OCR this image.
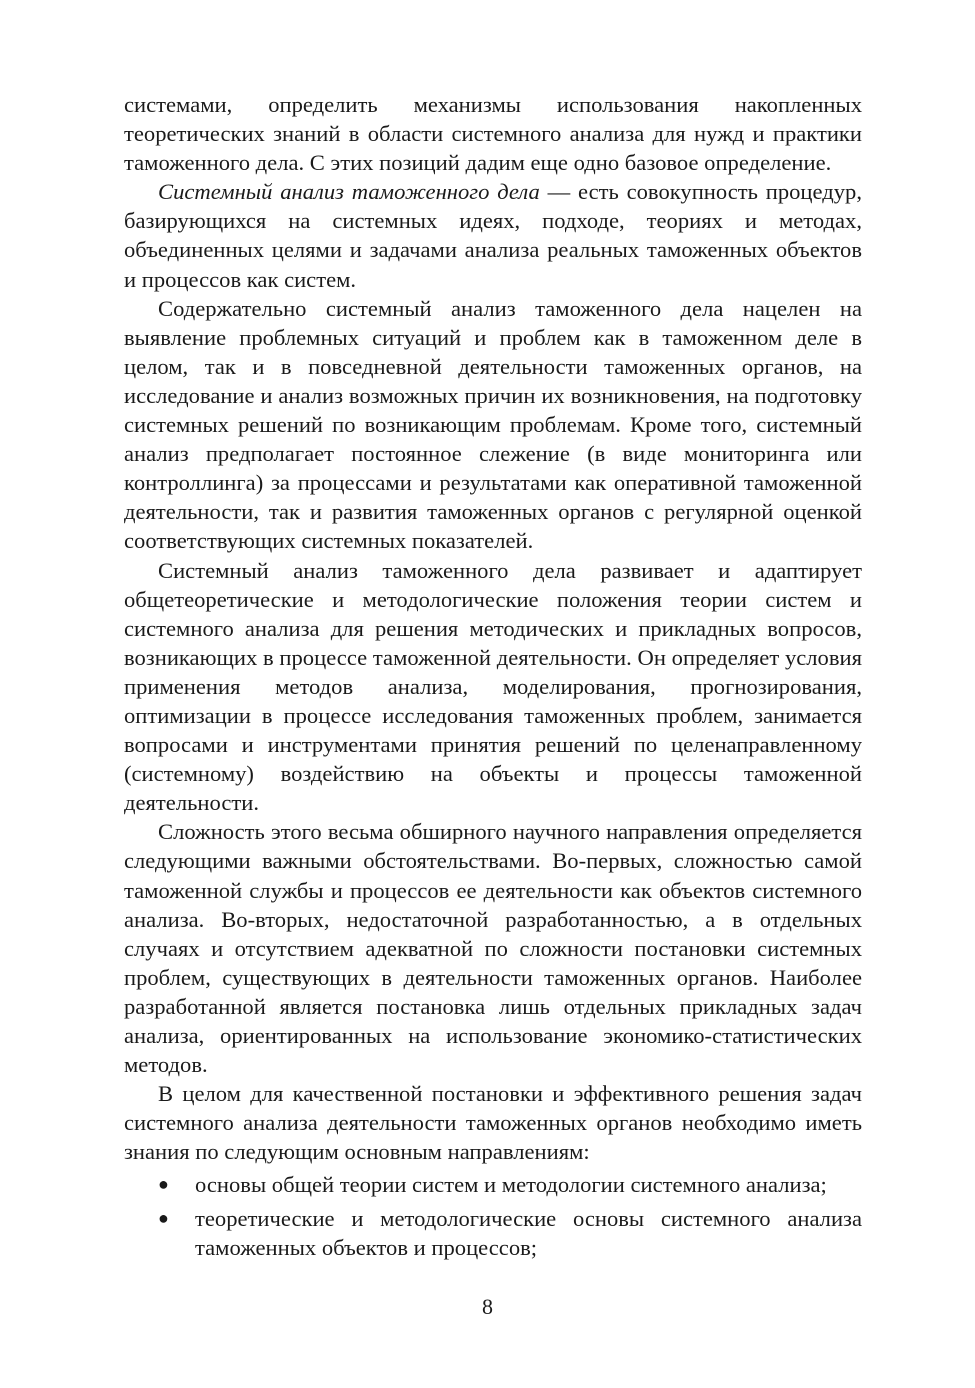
системами, определить механизмы использования накопленных теоретических знаний в области системного анализа для нужд и практики таможенного дела. С этих позиций дадим еще одно базовое определение.

Системный анализ таможенного дела — есть совокупность процедур, базирующихся на системных идеях, подходе, теориях и методах, объединенных целями и задачами анализа реальных таможенных объектов и процессов как систем.

Содержательно системный анализ таможенного дела нацелен на выявление проблемных ситуаций и проблем как в таможенном деле в целом, так и в повседневной деятельности таможенных органов, на исследование и анализ возможных причин их возникновения, на подготовку системных решений по возникающим проблемам. Кроме того, системный анализ предполагает постоянное слежение (в виде мониторинга или контроллинга) за процессами и результатами как оперативной таможенной деятельности, так и развития таможенных органов с регулярной оценкой соответствующих системных показателей.

Системный анализ таможенного дела развивает и адаптирует общетеоретические и методологические положения теории систем и системного анализа для решения методических и прикладных вопросов, возникающих в процессе таможенной деятельности. Он определяет условия применения методов анализа, моделирования, прогнозирования, оптимизации в процессе исследования таможенных проблем, занимается вопросами и инструментами принятия решений по целенаправленному (системному) воздействию на объекты и процессы таможенной деятельности.

Сложность этого весьма обширного научного направления определяется следующими важными обстоятельствами. Во-первых, сложностью самой таможенной службы и процессов ее деятельности как объектов системного анализа. Во-вторых, недостаточной разработанностью, а в отдельных случаях и отсутствием адекватной по сложности постановки системных проблем, существующих в деятельности таможенных органов. Наиболее разработанной является постановка лишь отдельных прикладных задач анализа, ориентированных на использование экономико-статистических методов.

В целом для качественной постановки и эффективного решения задач системного анализа деятельности таможенных органов необходимо иметь знания по следующим основным направлениям:

● основы общей теории систем и методологии системного анализа;
● теоретические и методологические основы системного анализа таможенных объектов и процессов;
8
